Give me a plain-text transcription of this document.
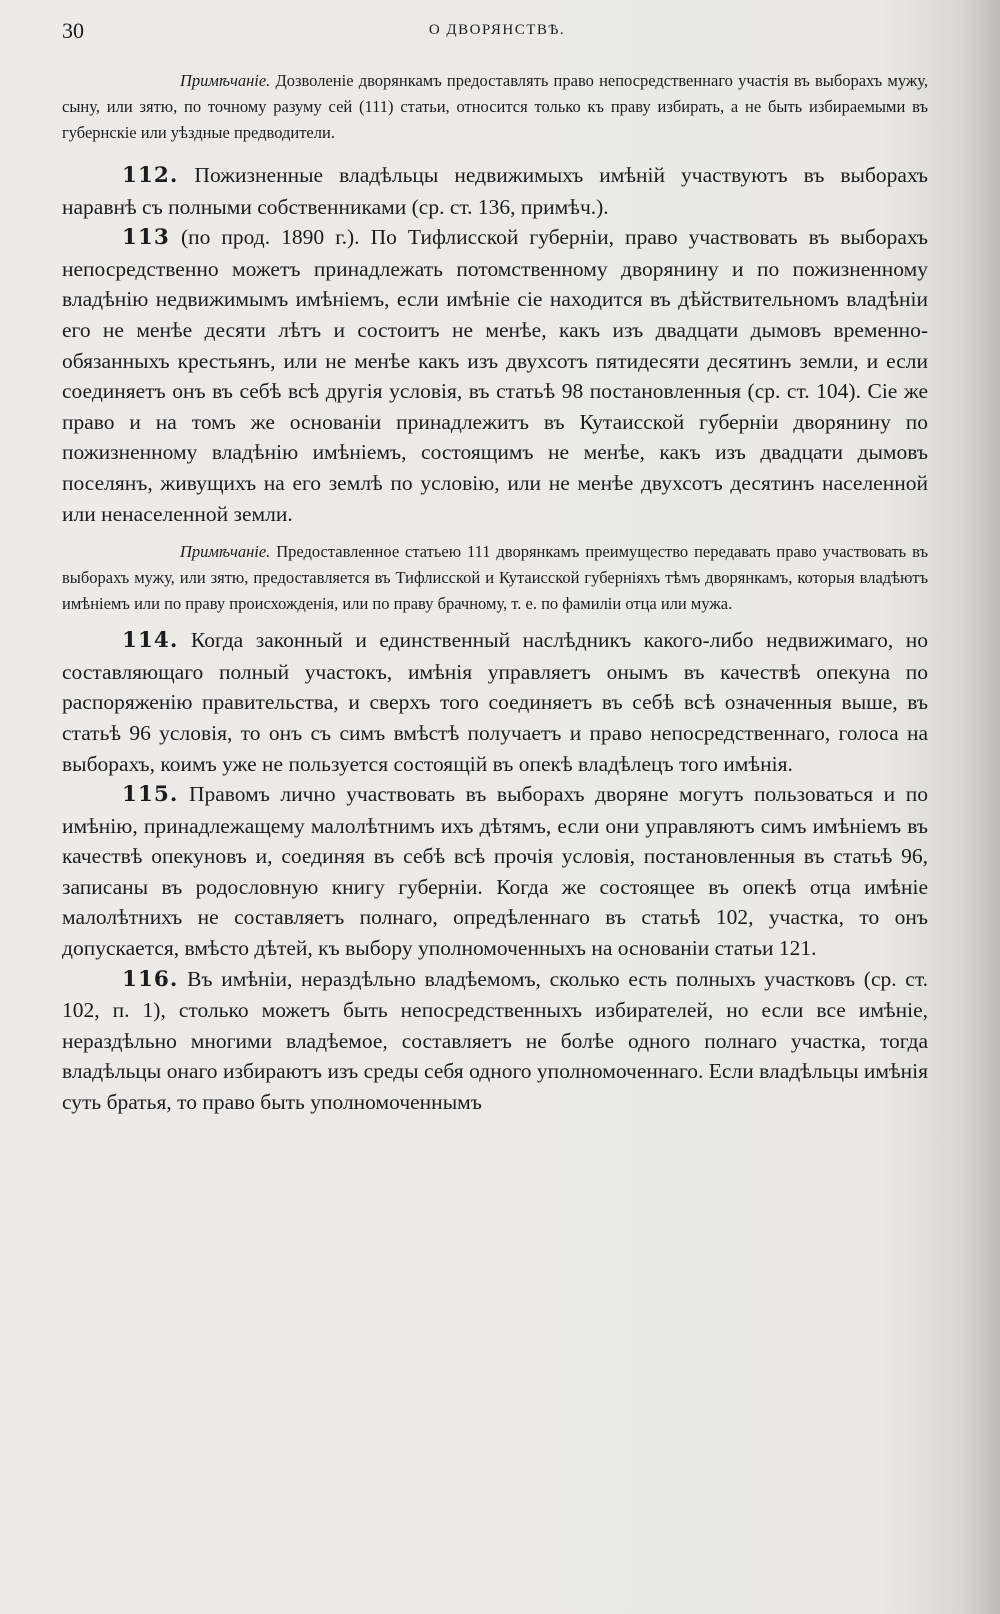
30	О ДВОРЯНСТВѢ.

Примѣчаніе. Дозволеніе дворянкамъ предоставлять право непосредственнаго участія въ выборахъ мужу, сыну, или зятю, по точному разуму сей (111) статьи, относится только къ праву избирать, а не быть избираемыми въ губернскіе или уѣздные предводители.

112. Пожизненные владѣльцы недвижимыхъ имѣній участвуютъ въ выборахъ наравнѣ съ полными собственниками (ср. ст. 136, примѣч.).

113 (по прод. 1890 г.). По Тифлисской губерніи, право участвовать въ выборахъ непосредственно можетъ принадлежать потомственному дворянину и по пожизненному владѣнію недвижимымъ имѣніемъ, если имѣніе сіе находится въ дѣйствительномъ владѣніи его не менѣе десяти лѣтъ и состоитъ не менѣе, какъ изъ двадцати дымовъ временно-обязанныхъ крестьянъ, или не менѣе какъ изъ двухсотъ пятидесяти десятинъ земли, и если соединяетъ онъ въ себѣ всѣ другія условія, въ статьѣ 98 постановленныя (ср. ст. 104). Сіе же право и на томъ же основаніи принадлежитъ въ Кутаисской губерніи дворянину по пожизненному владѣнію имѣніемъ, состоящимъ не менѣе, какъ изъ двадцати дымовъ поселянъ, живущихъ на его землѣ по условію, или не менѣе двухсотъ десятинъ населенной или ненаселенной земли.

Примѣчаніе. Предоставленное статьею 111 дворянкамъ преимущество передавать право участвовать въ выборахъ мужу, или зятю, предоставляется въ Тифлисской и Кутаисской губерніяхъ тѣмъ дворянкамъ, которыя владѣютъ имѣніемъ или по праву происхожденія, или по праву брачному, т. е. по фамиліи отца или мужа.

114. Когда законный и единственный наслѣдникъ какого-либо недвижимаго, но составляющаго полный участокъ, имѣнія управляетъ онымъ въ качествѣ опекуна по распоряженію правительства, и сверхъ того соединяетъ въ себѣ всѣ означенныя выше, въ статьѣ 96 условія, то онъ съ симъ вмѣстѣ получаетъ и право непосредственнаго, голоса на выборахъ, коимъ уже не пользуется состоящій въ опекѣ владѣлецъ того имѣнія.

115. Правомъ лично участвовать въ выборахъ дворяне могутъ пользоваться и по имѣнію, принадлежащему малолѣтнимъ ихъ дѣтямъ, если они управляютъ симъ имѣніемъ въ качествѣ опекуновъ и, соединяя въ себѣ всѣ прочія условія, постановленныя въ статьѣ 96, записаны въ родословную книгу губерніи. Когда же состоящее въ опекѣ отца имѣніе малолѣтнихъ не составляетъ полнаго, опредѣленнаго въ статьѣ 102, участка, то онъ допускается, вмѣсто дѣтей, къ выбору уполномоченныхъ на основаніи статьи 121.

116. Въ имѣніи, нераздѣльно владѣемомъ, сколько есть полныхъ участковъ (ср. ст. 102, п. 1), столько можетъ быть непосредственныхъ избирателей, но если все имѣніе, нераздѣльно многими владѣемое, составляетъ не болѣе одного полнаго участка, тогда владѣльцы онаго избираютъ изъ среды себя одного уполномоченнаго. Если владѣльцы имѣнія суть братья, то право быть уполномоченнымъ
